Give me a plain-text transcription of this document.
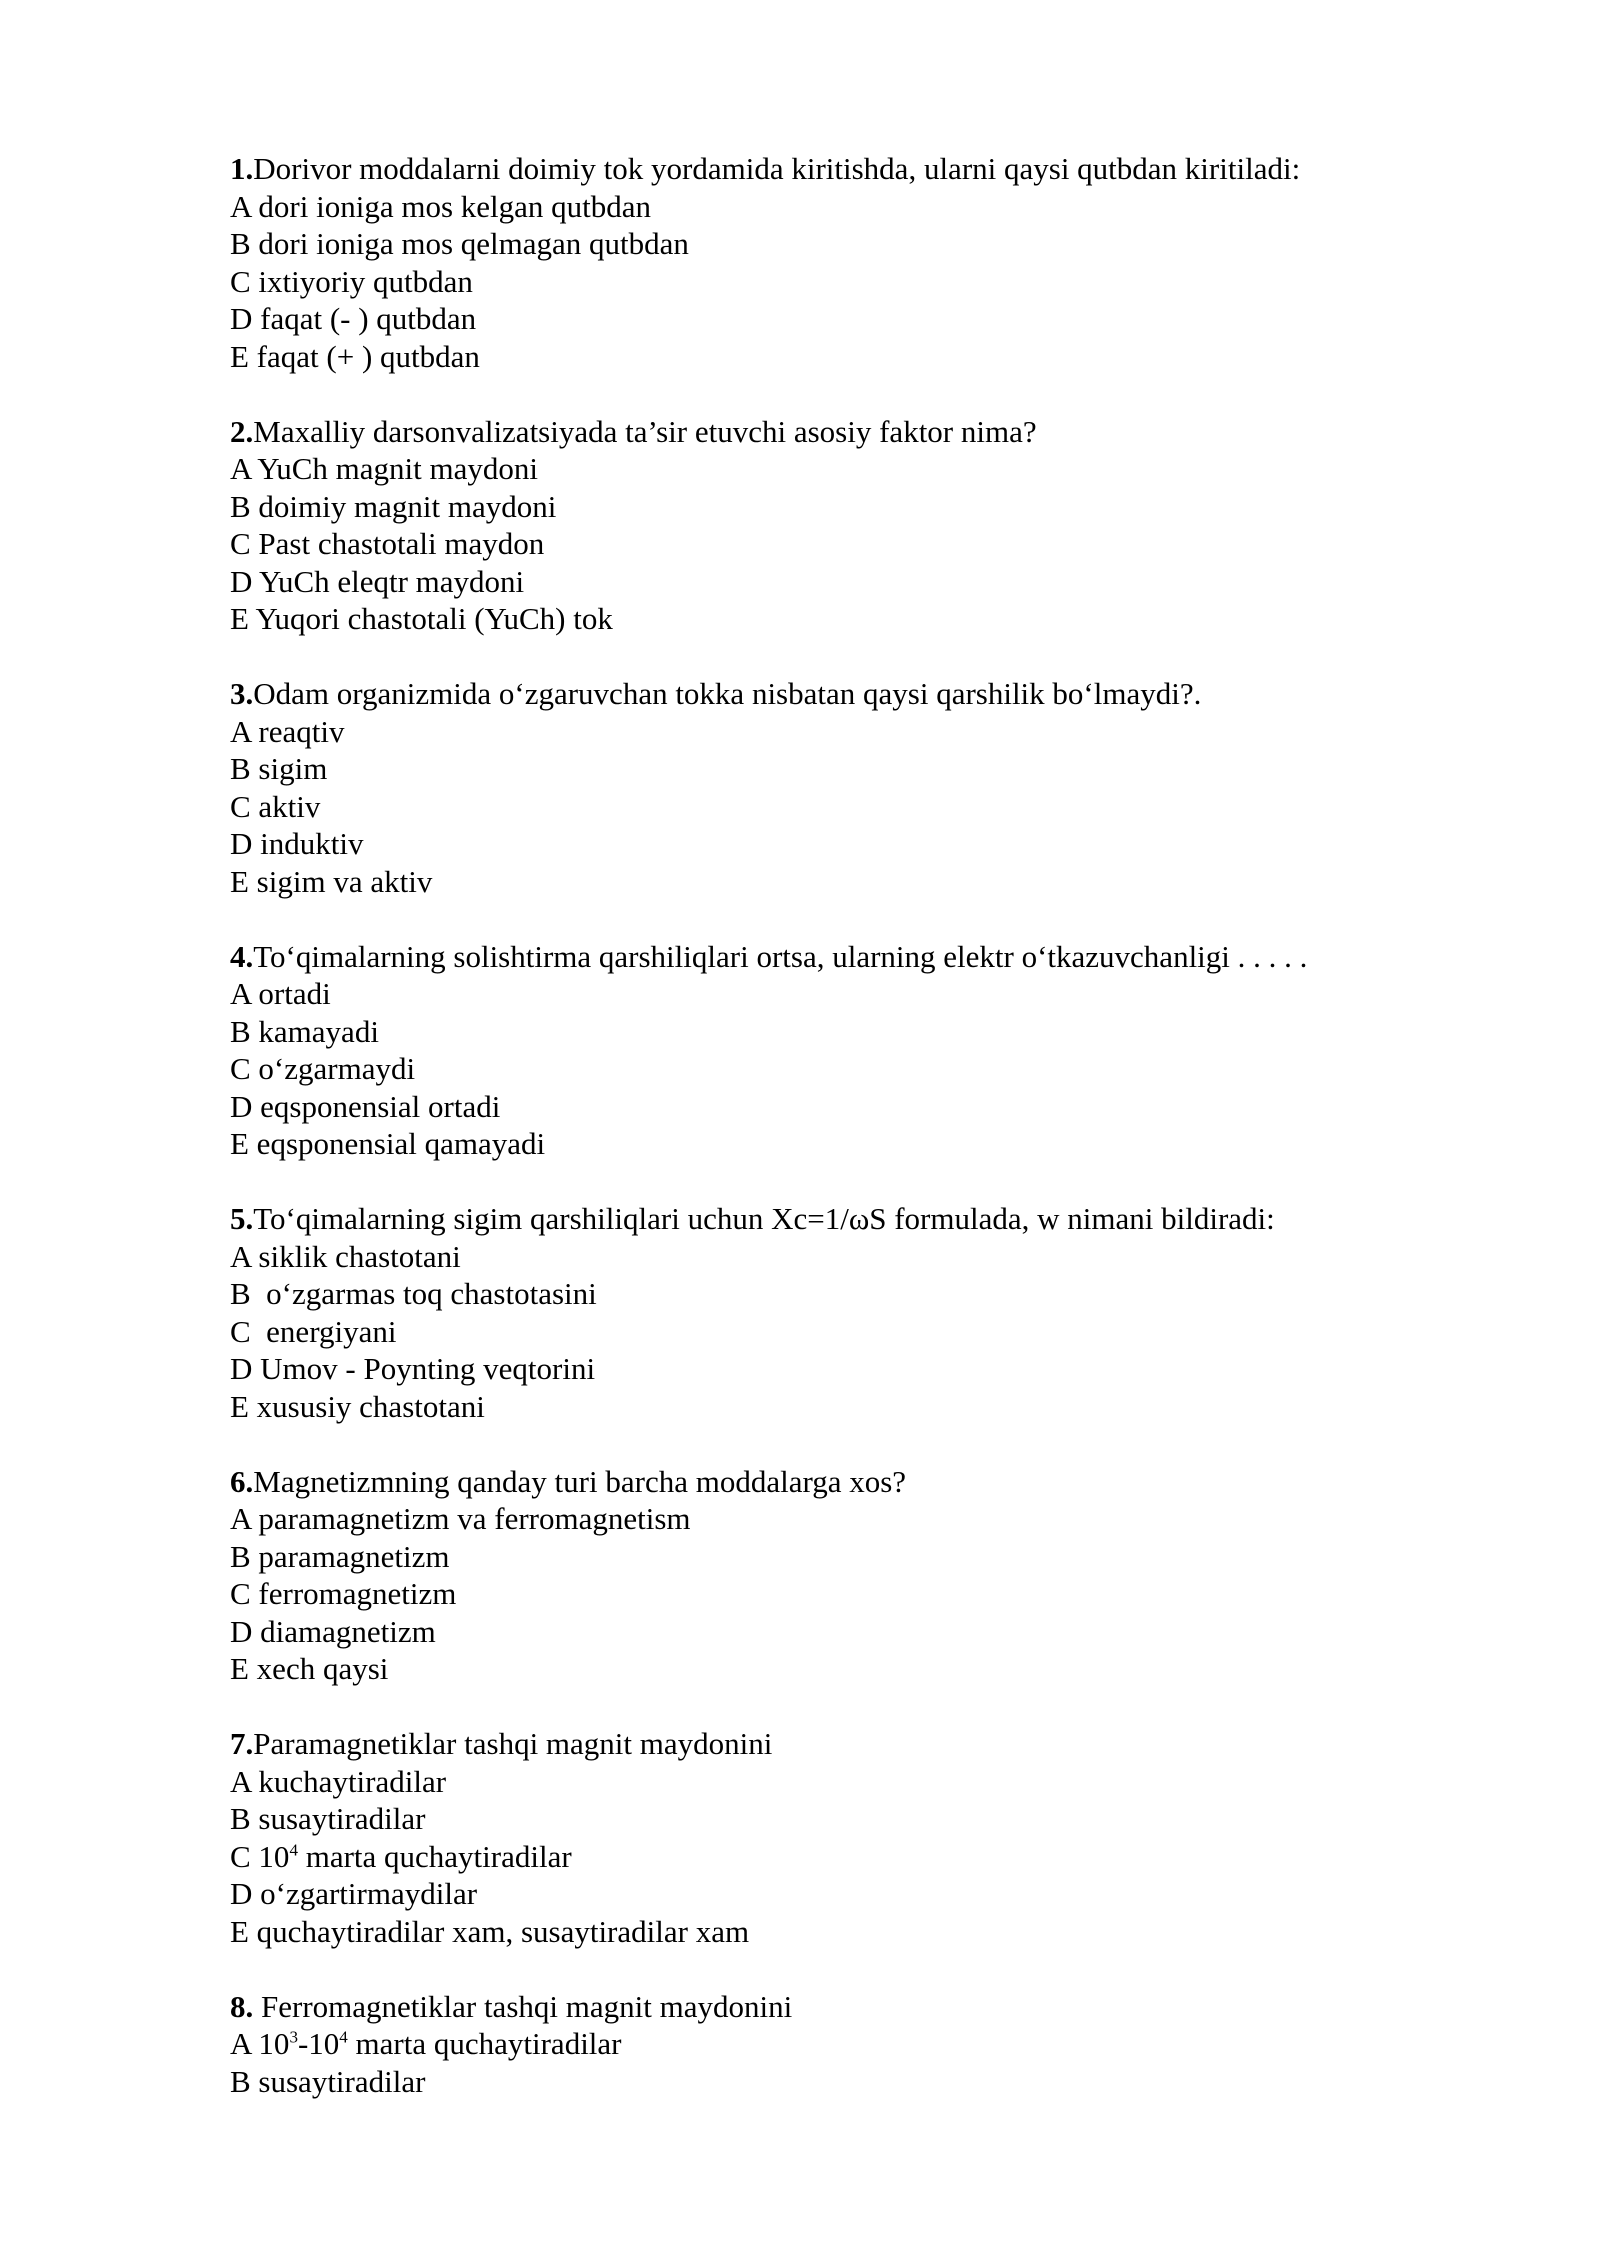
1.Dorivor moddalarni doimiy tok yordamida kiritishda, ularni qaysi qutbdan kiritiladi:
A dori ioniga mos kelgan qutbdan
B dori ioniga mos qelmagan qutbdan
C ixtiyoriy qutbdan
D faqat (- ) qutbdan
E faqat (+ ) qutbdan
2.Maxalliy darsonvalizatsiyada ta’sir etuvchi asosiy faktor nima?
A YuCh magnit maydoni
B doimiy magnit maydoni
C Past chastotali maydon
D YuCh eleqtr maydoni
E Yuqori chastotali (YuCh) tok
3.Odam organizmida o‘zgaruvchan tokka nisbatan qaysi qarshilik bo‘lmaydi?.
A reaqtiv
B sigim
C aktiv
D induktiv
E sigim va aktiv
4.To‘qimalarning solishtirma qarshiliqlari ortsa, ularning elektr o‘tkazuvchanligi . . . . .
A ortadi
B kamayadi
C o‘zgarmaydi
D eqsponensial ortadi
E eqsponensial qamayadi
5.To‘qimalarning sigim qarshiliqlari uchun Xc=1/ωS formulada, w nimani bildiradi:
A siklik chastotani
B  o‘zgarmas toq chastotasini
C  energiyani
D Umov - Poynting veqtorini
E xususiy chastotani
6.Magnetizmning qanday turi barcha moddalarga xos?
A paramagnetizm va ferromagnetism
B paramagnetizm
C ferromagnetizm
D diamagnetizm
E xech qaysi
7.Paramagnetiklar tashqi magnit maydonini
A kuchaytiradilar
B susaytiradilar
C $10^4$ marta quchaytiradilar
D o‘zgartirmaydilar
E quchaytiradilar xam, susaytiradilar xam
8. Ferromagnetiklar tashqi magnit maydonini
A $10^3-10^4$ marta quchaytiradilar
B susaytiradilar
